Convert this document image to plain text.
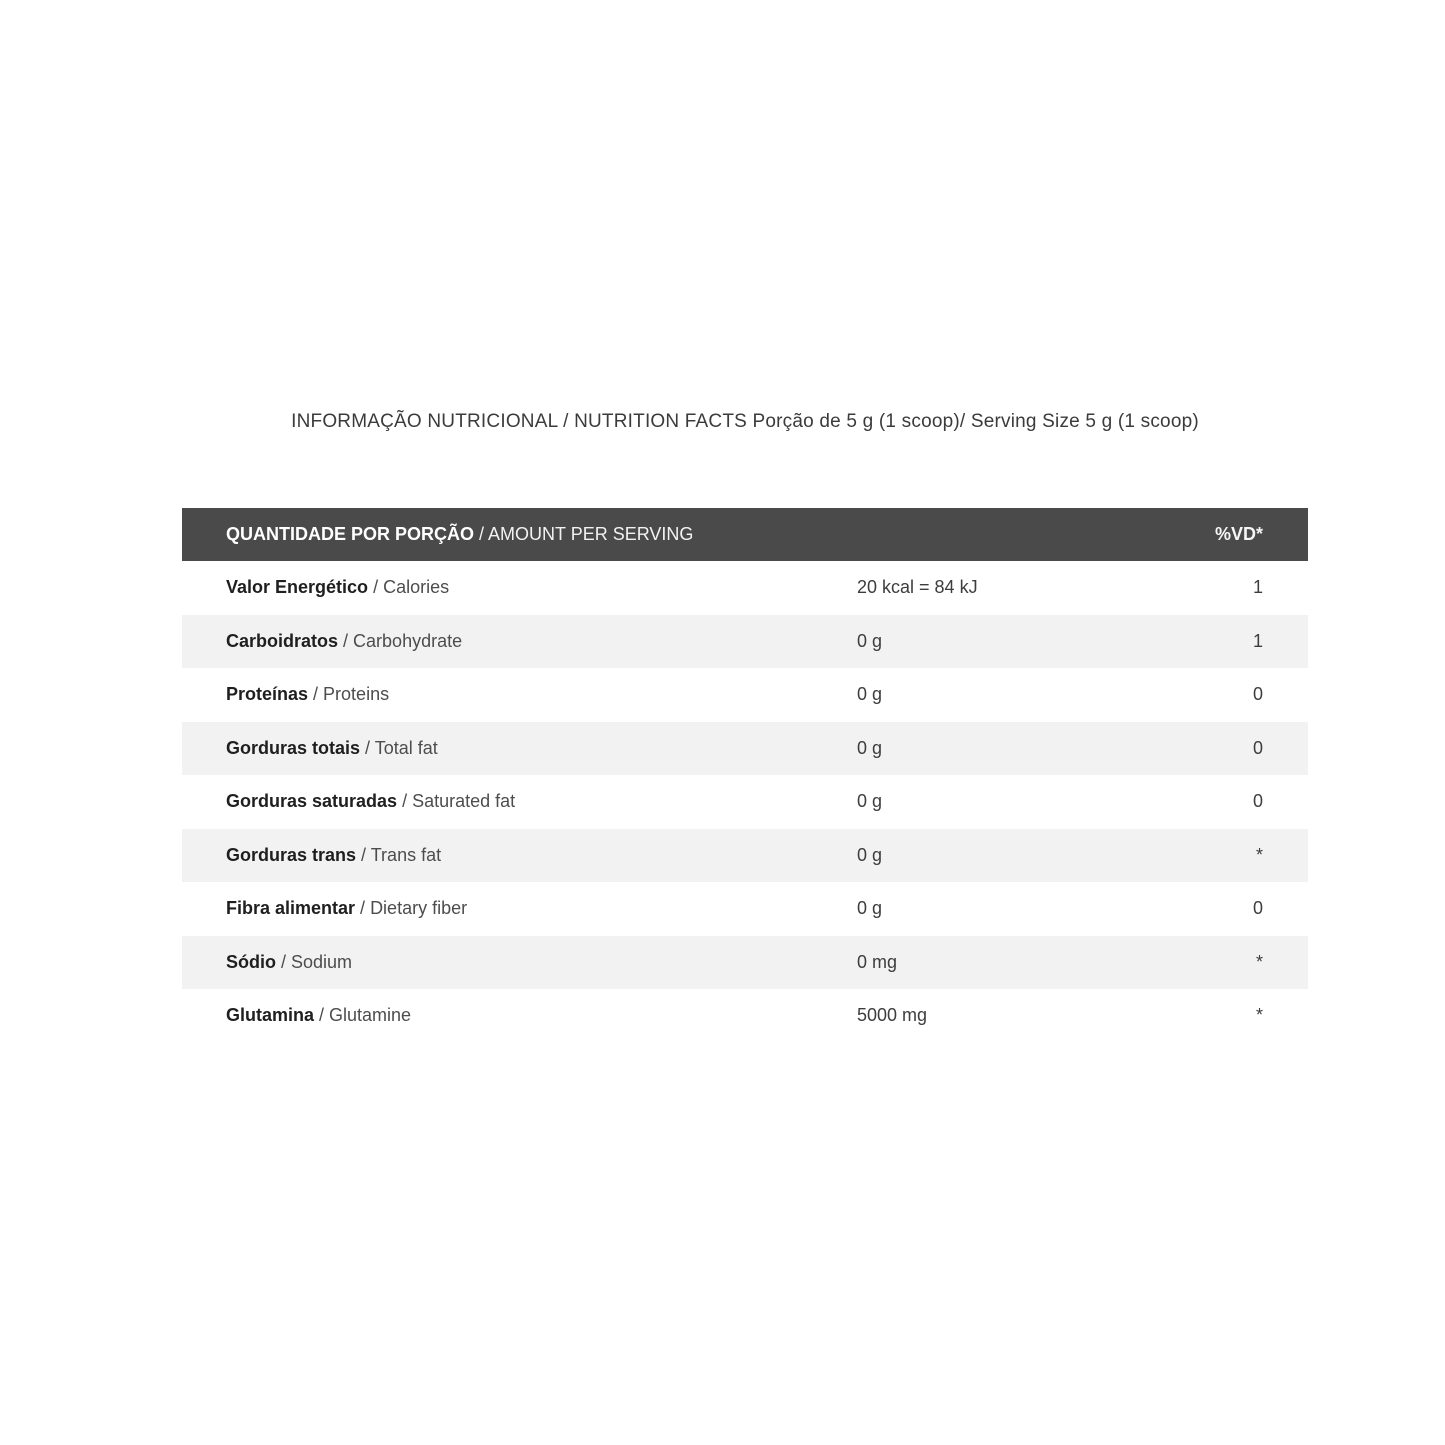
INFORMAÇÃO NUTRICIONAL / NUTRITION FACTS Porção de 5 g (1 scoop)/ Serving Size 5 g (1 scoop)
QUANTIDADE POR PORÇÃO / AMOUNT PER SERVING	%VD*
Valor Energético / Calories	20 kcal = 84 kJ	1
Carboidratos / Carbohydrate	0 g	1
Proteínas / Proteins	0 g	0
Gorduras totais / Total fat	0 g	0
Gorduras saturadas / Saturated fat	0 g	0
Gorduras trans / Trans fat	0 g	*
Fibra alimentar / Dietary fiber	0 g	0
Sódio / Sodium	0 mg	*
Glutamina / Glutamine	5000 mg	*
